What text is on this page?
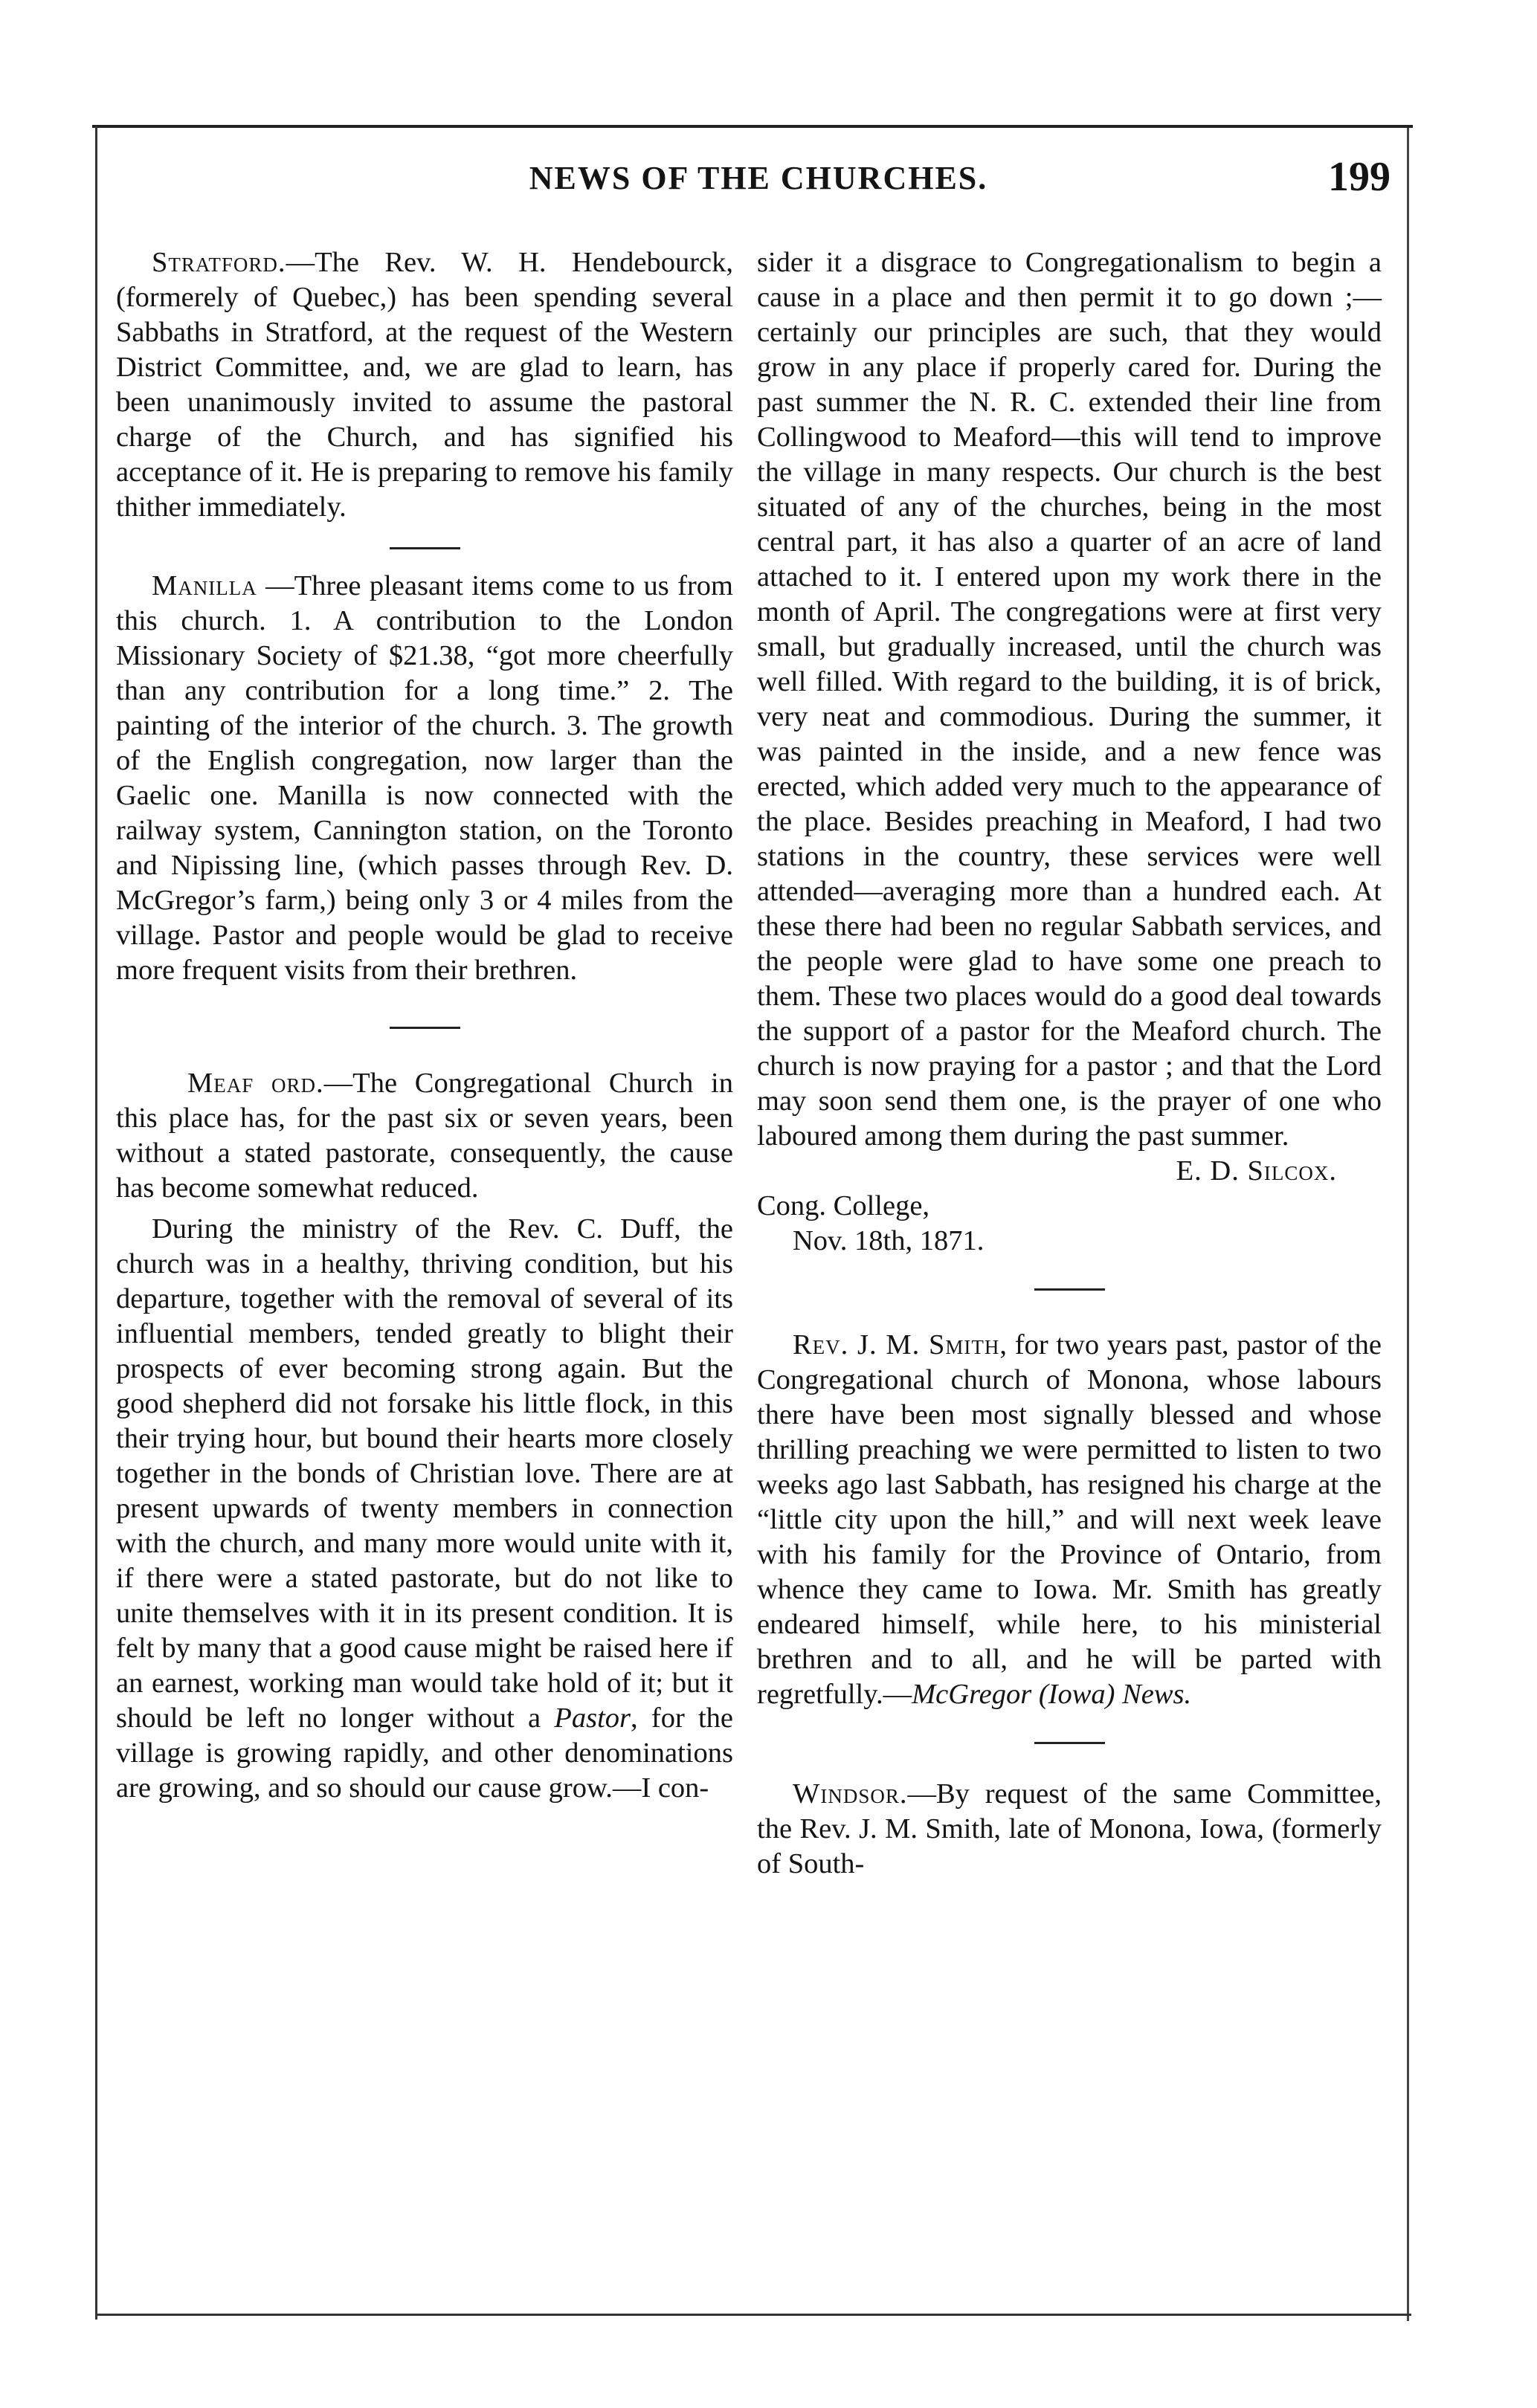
NEWS OF THE CHURCHES.	199

Stratford.—The Rev. W. H. Hendebourck, (formerely of Quebec,) has been spending several Sabbaths in Stratford, at the request of the Western District Committee, and, we are glad to learn, has been unanimously invited to assume the pastoral charge of the Church, and has signified his acceptance of it. He is preparing to remove his family thither immediately.

Manilla —Three pleasant items come to us from this church. 1. A contribution to the London Missionary Society of $21.38, “got more cheerfully than any contribution for a long time.” 2. The painting of the interior of the church. 3. The growth of the English congregation, now larger than the Gaelic one. Manilla is now connected with the railway system, Cannington station, on the Toronto and Nipissing line, (which passes through Rev. D. McGregor’s farm,) being only 3 or 4 miles from the village. Pastor and people would be glad to receive more frequent visits from their brethren.

Meaf ord.—The Congregational Church in this place has, for the past six or seven years, been without a stated pastorate, consequently, the cause has become somewhat reduced.

During the ministry of the Rev. C. Duff, the church was in a healthy, thriving condition, but his departure, together with the removal of several of its influential members, tended greatly to blight their prospects of ever becoming strong again. But the good shepherd did not forsake his little flock, in this their trying hour, but bound their hearts more closely together in the bonds of Christian love. There are at present upwards of twenty members in connection with the church, and many more would unite with it, if there were a stated pastorate, but do not like to unite themselves with it in its present condition. It is felt by many that a good cause might be raised here if an earnest, working man would take hold of it; but it should be left no longer without a Pastor, for the village is growing rapidly, and other denominations are growing, and so should our cause grow.—I con-

sider it a disgrace to Congregationalism to begin a cause in a place and then permit it to go down ;—certainly our principles are such, that they would grow in any place if properly cared for. During the past summer the N. R. C. extended their line from Collingwood to Meaford—this will tend to improve the village in many respects. Our church is the best situated of any of the churches, being in the most central part, it has also a quarter of an acre of land attached to it. I entered upon my work there in the month of April. The congregations were at first very small, but gradually increased, until the church was well filled. With regard to the building, it is of brick, very neat and commodious. During the summer, it was painted in the inside, and a new fence was erected, which added very much to the appearance of the place. Besides preaching in Meaford, I had two stations in the country, these services were well attended—averaging more than a hundred each. At these there had been no regular Sabbath services, and the people were glad to have some one preach to them. These two places would do a good deal towards the support of a pastor for the Meaford church. The church is now praying for a pastor ; and that the Lord may soon send them one, is the prayer of one who laboured among them during the past summer.

E. D. Silcox.

Cong. College,

Nov. 18th, 1871.

Rev. J. M. Smith, for two years past, pastor of the Congregational church of Monona, whose labours there have been most signally blessed and whose thrilling preaching we were permitted to listen to two weeks ago last Sabbath, has resigned his charge at the “little city upon the hill,” and will next week leave with his family for the Province of Ontario, from whence they came to Iowa. Mr. Smith has greatly endeared himself, while here, to his ministerial brethren and to all, and he will be parted with regretfully.—McGregor (Iowa) News.

Windsor.—By request of the same Committee, the Rev. J. M. Smith, late of Monona, Iowa, (formerly of South-
